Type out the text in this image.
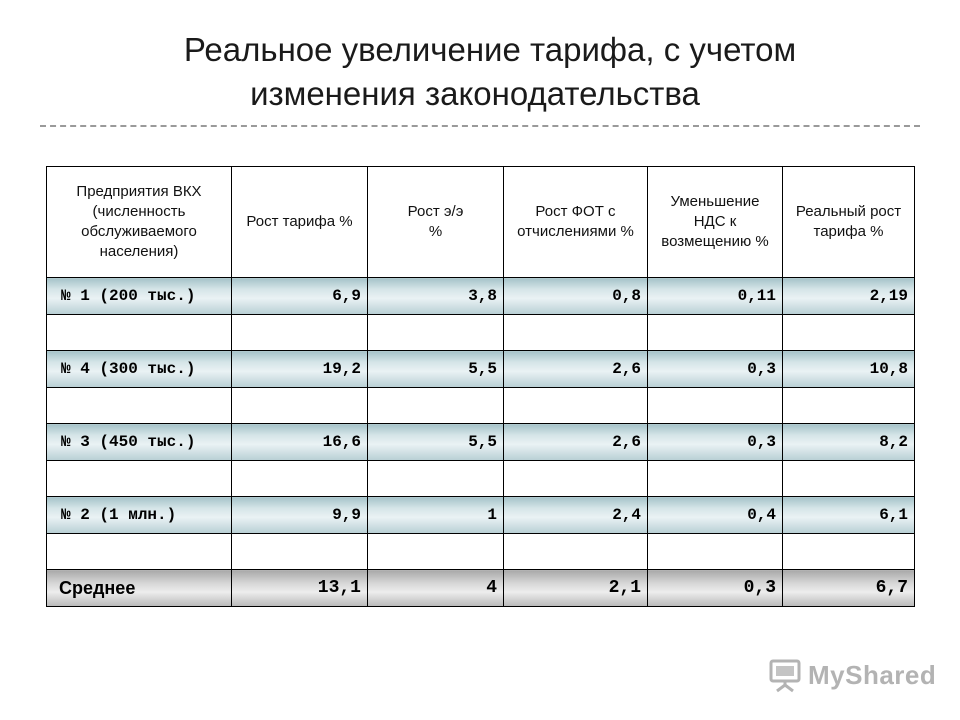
Реальное увеличение тарифа, с учетом
изменения законодательства
Предприятия ВКХ (численность обслуживаемого населения)	Рост тарифа %	Рост э/э %	Рост ФОТ с отчислениями %	Уменьшение НДС к возмещению %	Реальный рост тарифа %
№ 1 (200 тыс.)	6,9	3,8	0,8	0,11	2,19

№ 4 (300 тыс.)	19,2	5,5	2,6	0,3	10,8

№ 3 (450 тыс.)	16,6	5,5	2,6	0,3	8,2

№ 2 (1 млн.)	9,9	1	2,4	0,4	6,1

Среднее	13,1	4	2,1	0,3	6,7
MyShared
